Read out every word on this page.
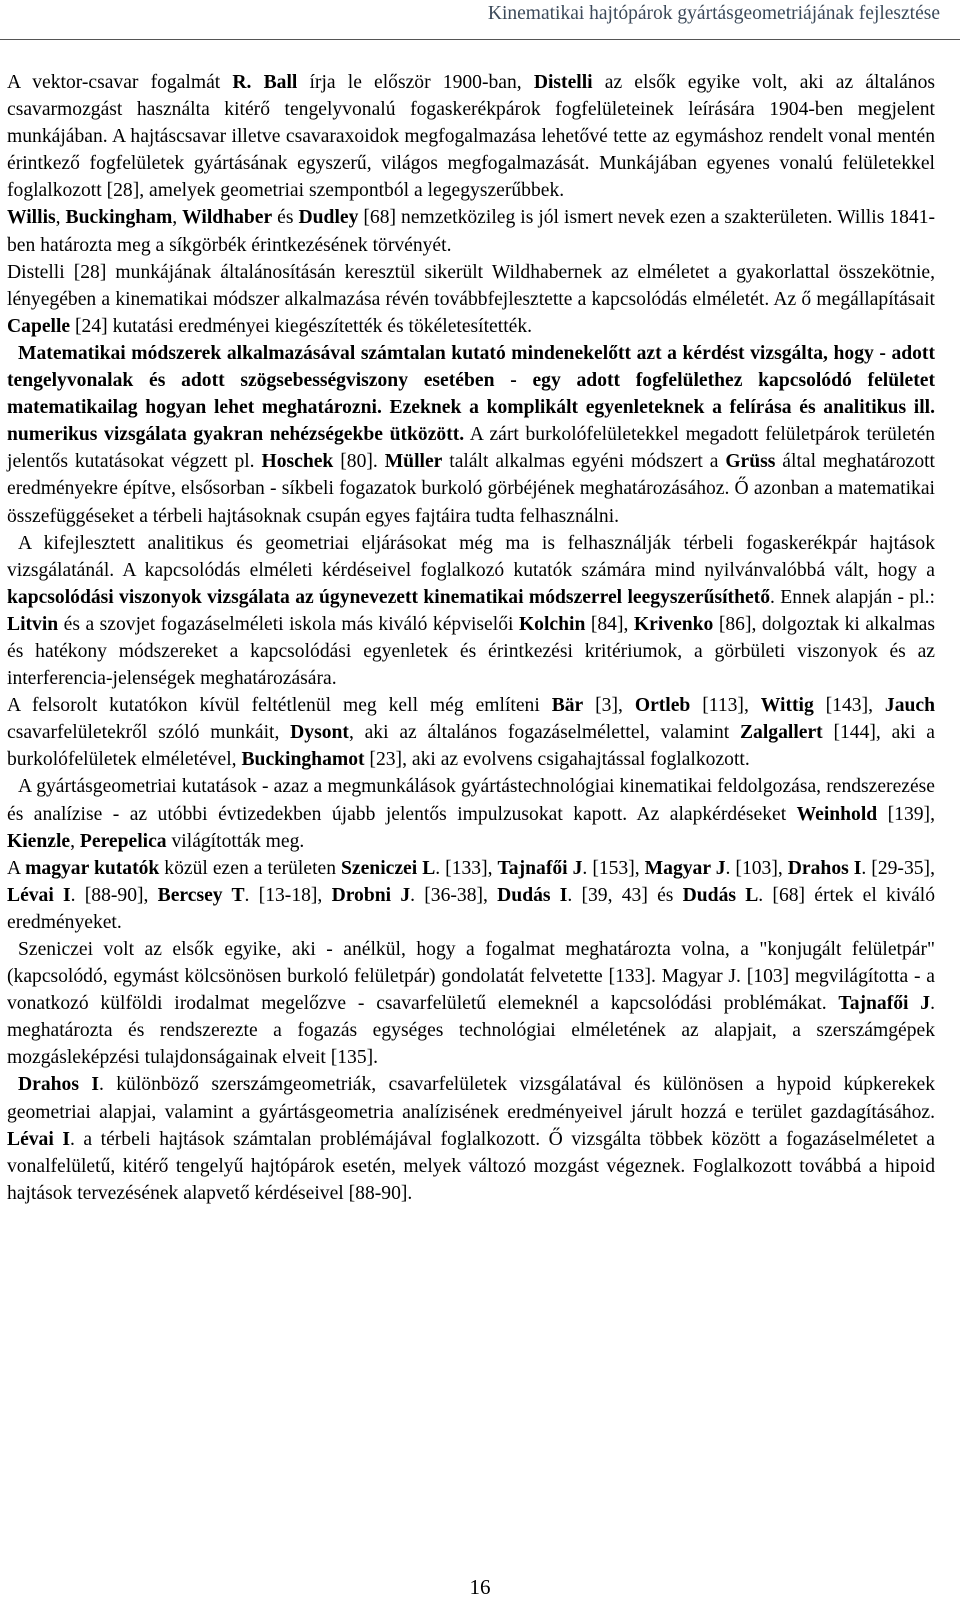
Kinematikai hajtópárok gyártásgeometriájának fejlesztése

A vektor-csavar fogalmát R. Ball írja le először 1900-ban, Distelli az elsők egyike volt, aki az általános csavarmozgást használta kitérő tengelyvonalú fogaskerékpárok fogfelületeinek leírására 1904-ben megjelent munkájában. A hajtáscsavar illetve csavaraxoidok megfogalmazása lehetővé tette az egymáshoz rendelt vonal mentén érintkező fogfelületek gyártásának egyszerű, világos megfogalmazását. Munkájában egyenes vonalú felületekkel foglalkozott [28], amelyek geometriai szempontból a legegyszerűbbek.

Willis, Buckingham, Wildhaber és Dudley [68] nemzetközileg is jól ismert nevek ezen a szakterületen. Willis 1841-ben határozta meg a síkgörbék érintkezésének törvényét.

Distelli [28] munkájának általánosításán keresztül sikerült Wildhabernek az elméletet a gyakorlattal összekötnie, lényegében a kinematikai módszer alkalmazása révén továbbfejlesztette a kapcsolódás elméletét. Az ő megállapításait Capelle [24] kutatási eredményei kiegészítették és tökéletesítették.

Matematikai módszerek alkalmazásával számtalan kutató mindenekelőtt azt a kérdést vizsgálta, hogy - adott tengelyvonalak és adott szögsebességviszony esetében - egy adott fogfelülethez kapcsolódó felületet matematikailag hogyan lehet meghatározni. Ezeknek a komplikált egyenleteknek a felírása és analitikus ill. numerikus vizsgálata gyakran nehézségekbe ütközött. A zárt burkolófelületekkel megadott felületpárok területén jelentős kutatásokat végzett pl. Hoschek [80]. Müller talált alkalmas egyéni módszert a Grüss által meghatározott eredményekre építve, elsősorban - síkbeli fogazatok burkoló görbéjének meghatározásához. Ő azonban a matematikai összefüggéseket a térbeli hajtásoknak csupán egyes fajtáira tudta felhasználni.

A kifejlesztett analitikus és geometriai eljárásokat még ma is felhasználják térbeli fogaskerékpár hajtások vizsgálatánál. A kapcsolódás elméleti kérdéseivel foglalkozó kutatók számára mind nyilvánvalóbbá vált, hogy a kapcsolódási viszonyok vizsgálata az úgynevezett kinematikai módszerrel leegyszerűsíthető. Ennek alapján - pl.: Litvin és a szovjet fogazáselméleti iskola más kiváló képviselői Kolchin [84], Krivenko [86], dolgoztak ki alkalmas és hatékony módszereket a kapcsolódási egyenletek és érintkezési kritériumok, a görbületi viszonyok és az interferencia-jelenségek meghatározására.

A felsorolt kutatókon kívül feltétlenül meg kell még említeni Bär [3], Ortleb [113], Wittig [143], Jauch csavarfelületekről szóló munkáit, Dysont, aki az általános fogazáselmélettel, valamint Zalgallert [144], aki a burkolófelületek elméletével, Buckinghamot [23], aki az evolvens csigahajtással foglalkozott.

A gyártásgeometriai kutatások - azaz a megmunkálások gyártástechnológiai kinematikai feldolgozása, rendszerezése és analízise - az utóbbi évtizedekben újabb jelentős impulzusokat kapott. Az alapkérdéseket Weinhold [139], Kienzle, Perepelica világították meg.

A magyar kutatók közül ezen a területen Szeniczei L. [133], Tajnafői J. [153], Magyar J. [103], Drahos I. [29-35], Lévai I. [88-90], Bercsey T. [13-18], Drobni J. [36-38], Dudás I. [39, 43] és Dudás L. [68] értek el kiváló eredményeket.

Szeniczei volt az elsők egyike, aki - anélkül, hogy a fogalmat meghatározta volna, a "konjugált felületpár" (kapcsolódó, egymást kölcsönösen burkoló felületpár) gondolatát felvetette [133]. Magyar J. [103] megvilágította - a vonatkozó külföldi irodalmat megelőzve - csavarfelületű elemeknél a kapcsolódási problémákat. Tajnafői J. meghatározta és rendszerezte a fogazás egységes technológiai elméletének az alapjait, a szerszámgépek mozgásleképzési tulajdonságainak elveit [135].

Drahos I. különböző szerszámgeometriák, csavarfelületek vizsgálatával és különösen a hypoid kúpkerekek geometriai alapjai, valamint a gyártásgeometria analízisének eredményeivel járult hozzá e terület gazdagításához. Lévai I. a térbeli hajtások számtalan problémájával foglalkozott. Ő vizsgálta többek között a fogazáselméletet a vonalfelületű, kitérő tengelyű hajtópárok esetén, melyek változó mozgást végeznek. Foglalkozott továbbá a hipoid hajtások tervezésének alapvető kérdéseivel [88-90].

16
